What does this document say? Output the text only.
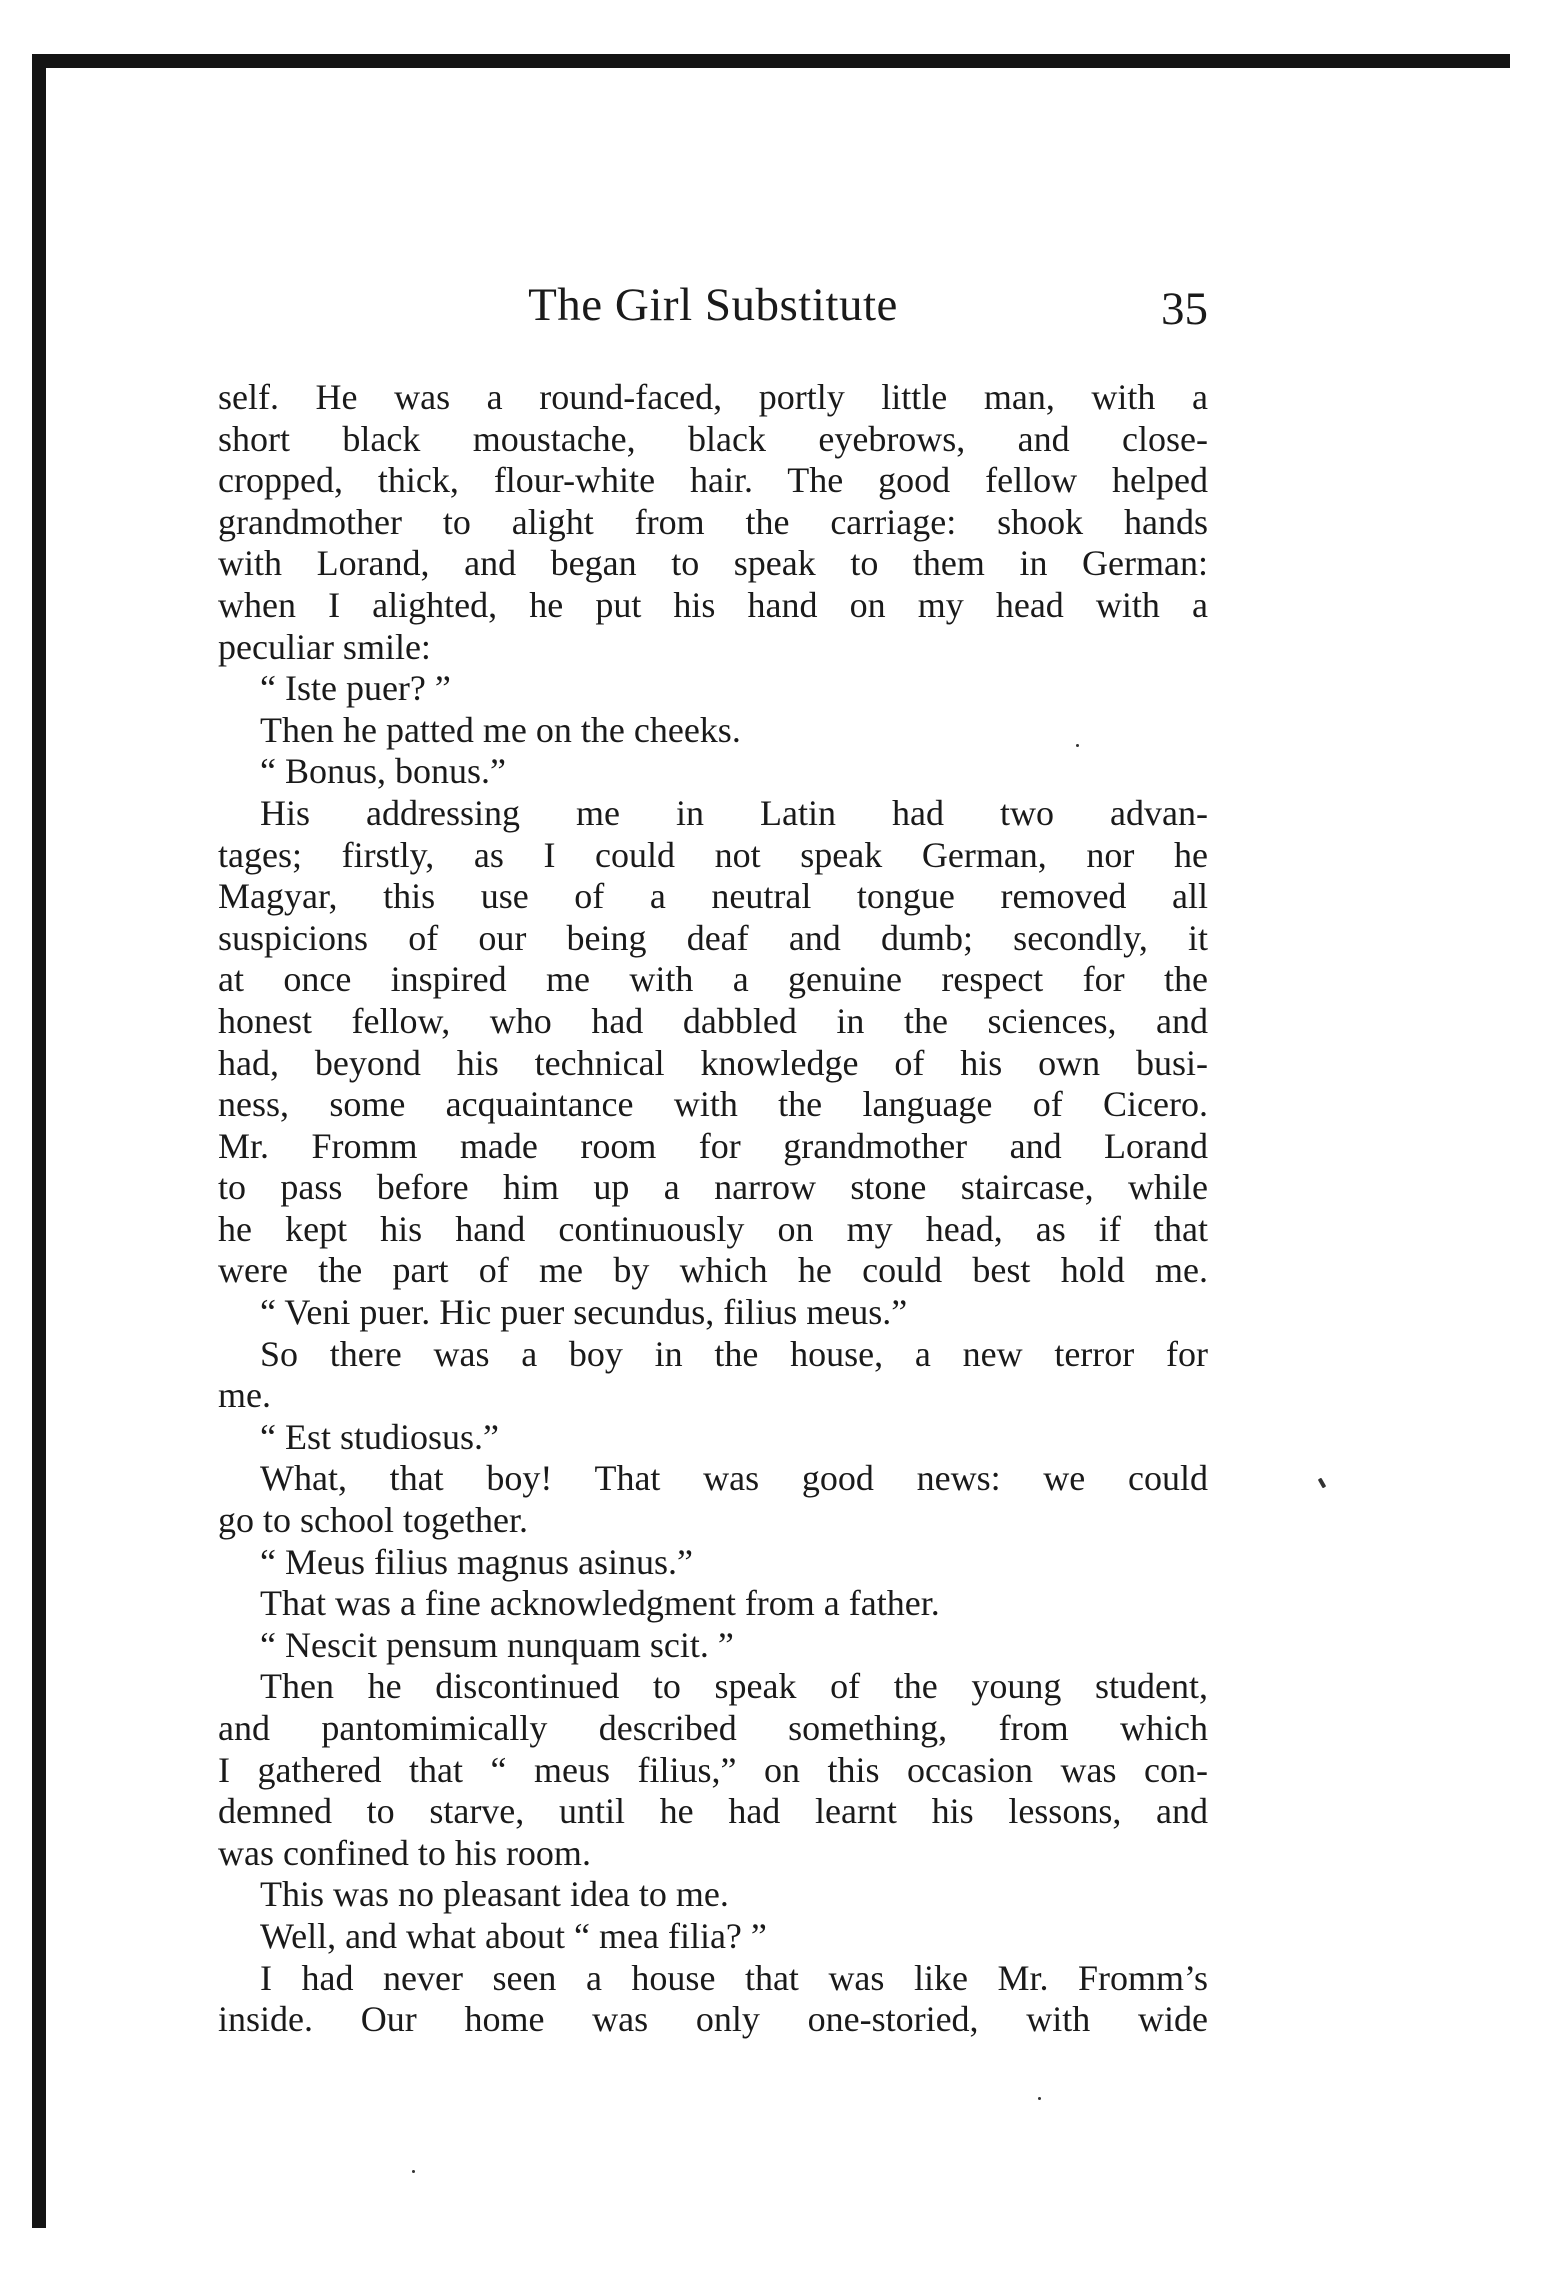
The Girl Substitute	35
self. He was a round-faced, portly little man, with a
short black moustache, black eyebrows, and close-
cropped, thick, flour-white hair. The good fellow helped
grandmother to alight from the carriage: shook hands
with Lorand, and began to speak to them in German:
when I alighted, he put his hand on my head with a
peculiar smile:
“ Iste puer? ”
Then he patted me on the cheeks.
“ Bonus, bonus.”
His addressing me in Latin had two advan-
tages; firstly, as I could not speak German, nor he
Magyar, this use of a neutral tongue removed all
suspicions of our being deaf and dumb; secondly, it
at once inspired me with a genuine respect for the
honest fellow, who had dabbled in the sciences, and
had, beyond his technical knowledge of his own busi-
ness, some acquaintance with the language of Cicero.
Mr. Fromm made room for grandmother and Lorand
to pass before him up a narrow stone staircase, while
he kept his hand continuously on my head, as if that
were the part of me by which he could best hold me.
“ Veni puer. Hic puer secundus, filius meus.”
So there was a boy in the house, a new terror for
me.
“ Est studiosus.”
What, that boy! That was good news: we could
go to school together.
“ Meus filius magnus asinus.”
That was a fine acknowledgment from a father.
“ Nescit pensum nunquam scit. ”
Then he discontinued to speak of the young student,
and pantomimically described something, from which
I gathered that “ meus filius,” on this occasion was con-
demned to starve, until he had learnt his lessons, and
was confined to his room.
This was no pleasant idea to me.
Well, and what about “ mea filia? ”
I had never seen a house that was like Mr. Fromm’s
inside. Our home was only one-storied, with wide
